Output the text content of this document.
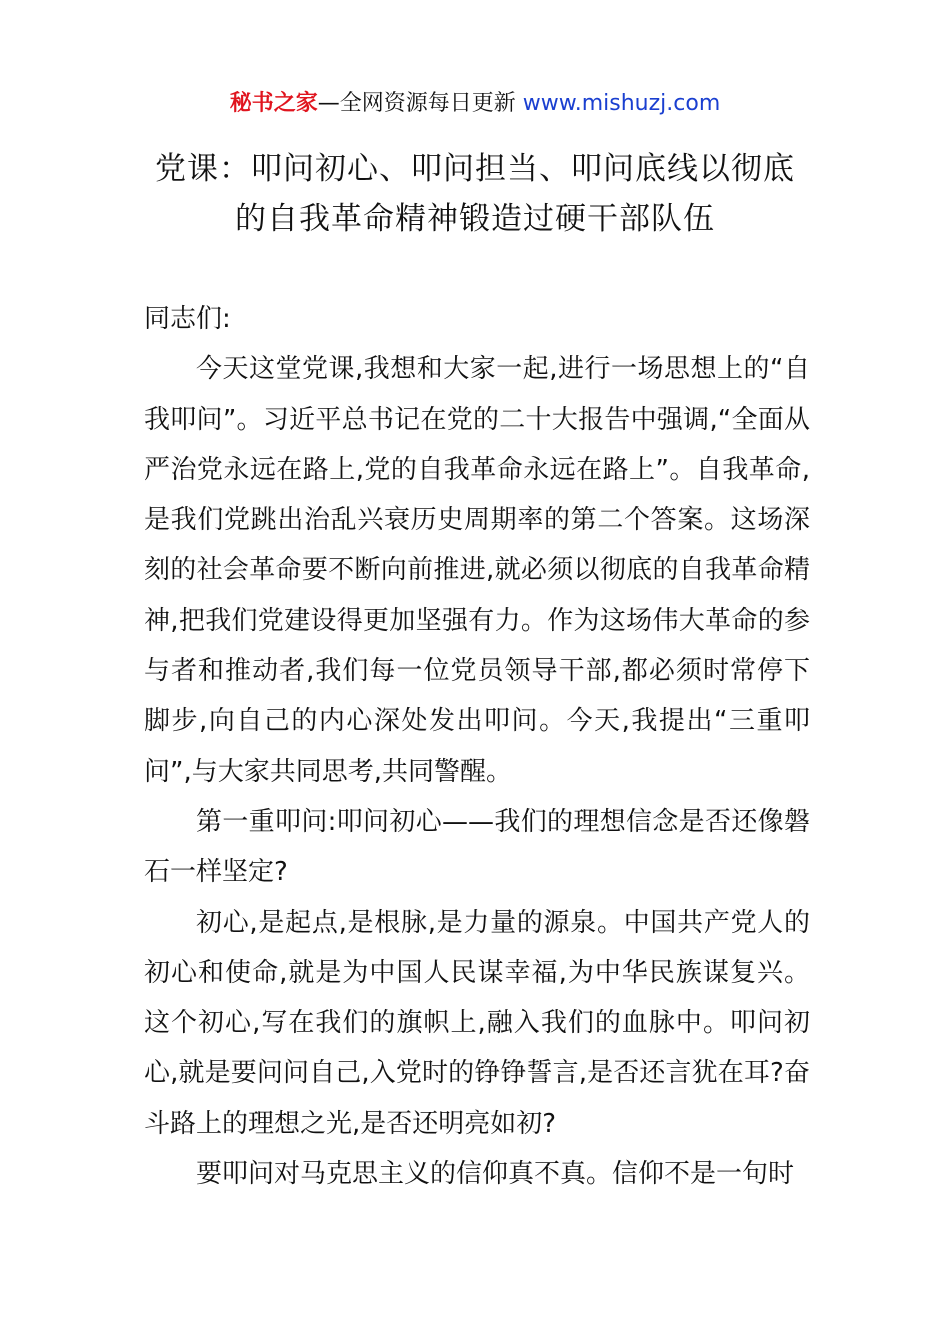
秘书之家—全网资源每日更新 www.mishuzj.com
党课：叩问初心、叩问担当、叩问底线以彻底
的自我革命精神锻造过硬干部队伍

同志们:

今天这堂党课,我想和大家一起,进行一场思想上的“自我叩问”。习近平总书记在党的二十大报告中强调,“全面从严治党永远在路上,党的自我革命永远在路上”。自我革命,是我们党跳出治乱兴衰历史周期率的第二个答案。这场深刻的社会革命要不断向前推进,就必须以彻底的自我革命精神,把我们党建设得更加坚强有力。作为这场伟大革命的参与者和推动者,我们每一位党员领导干部,都必须时常停下脚步,向自己的内心深处发出叩问。今天,我提出“三重叩问”,与大家共同思考,共同警醒。

第一重叩问:叩问初心——我们的理想信念是否还像磐石一样坚定?

初心,是起点,是根脉,是力量的源泉。中国共产党人的初心和使命,就是为中国人民谋幸福,为中华民族谋复兴。这个初心,写在我们的旗帜上,融入我们的血脉中。叩问初心,就是要问问自己,入党时的铮铮誓言,是否还言犹在耳?奋斗路上的理想之光,是否还明亮如初?

要叩问对马克思主义的信仰真不真。信仰不是一句时
